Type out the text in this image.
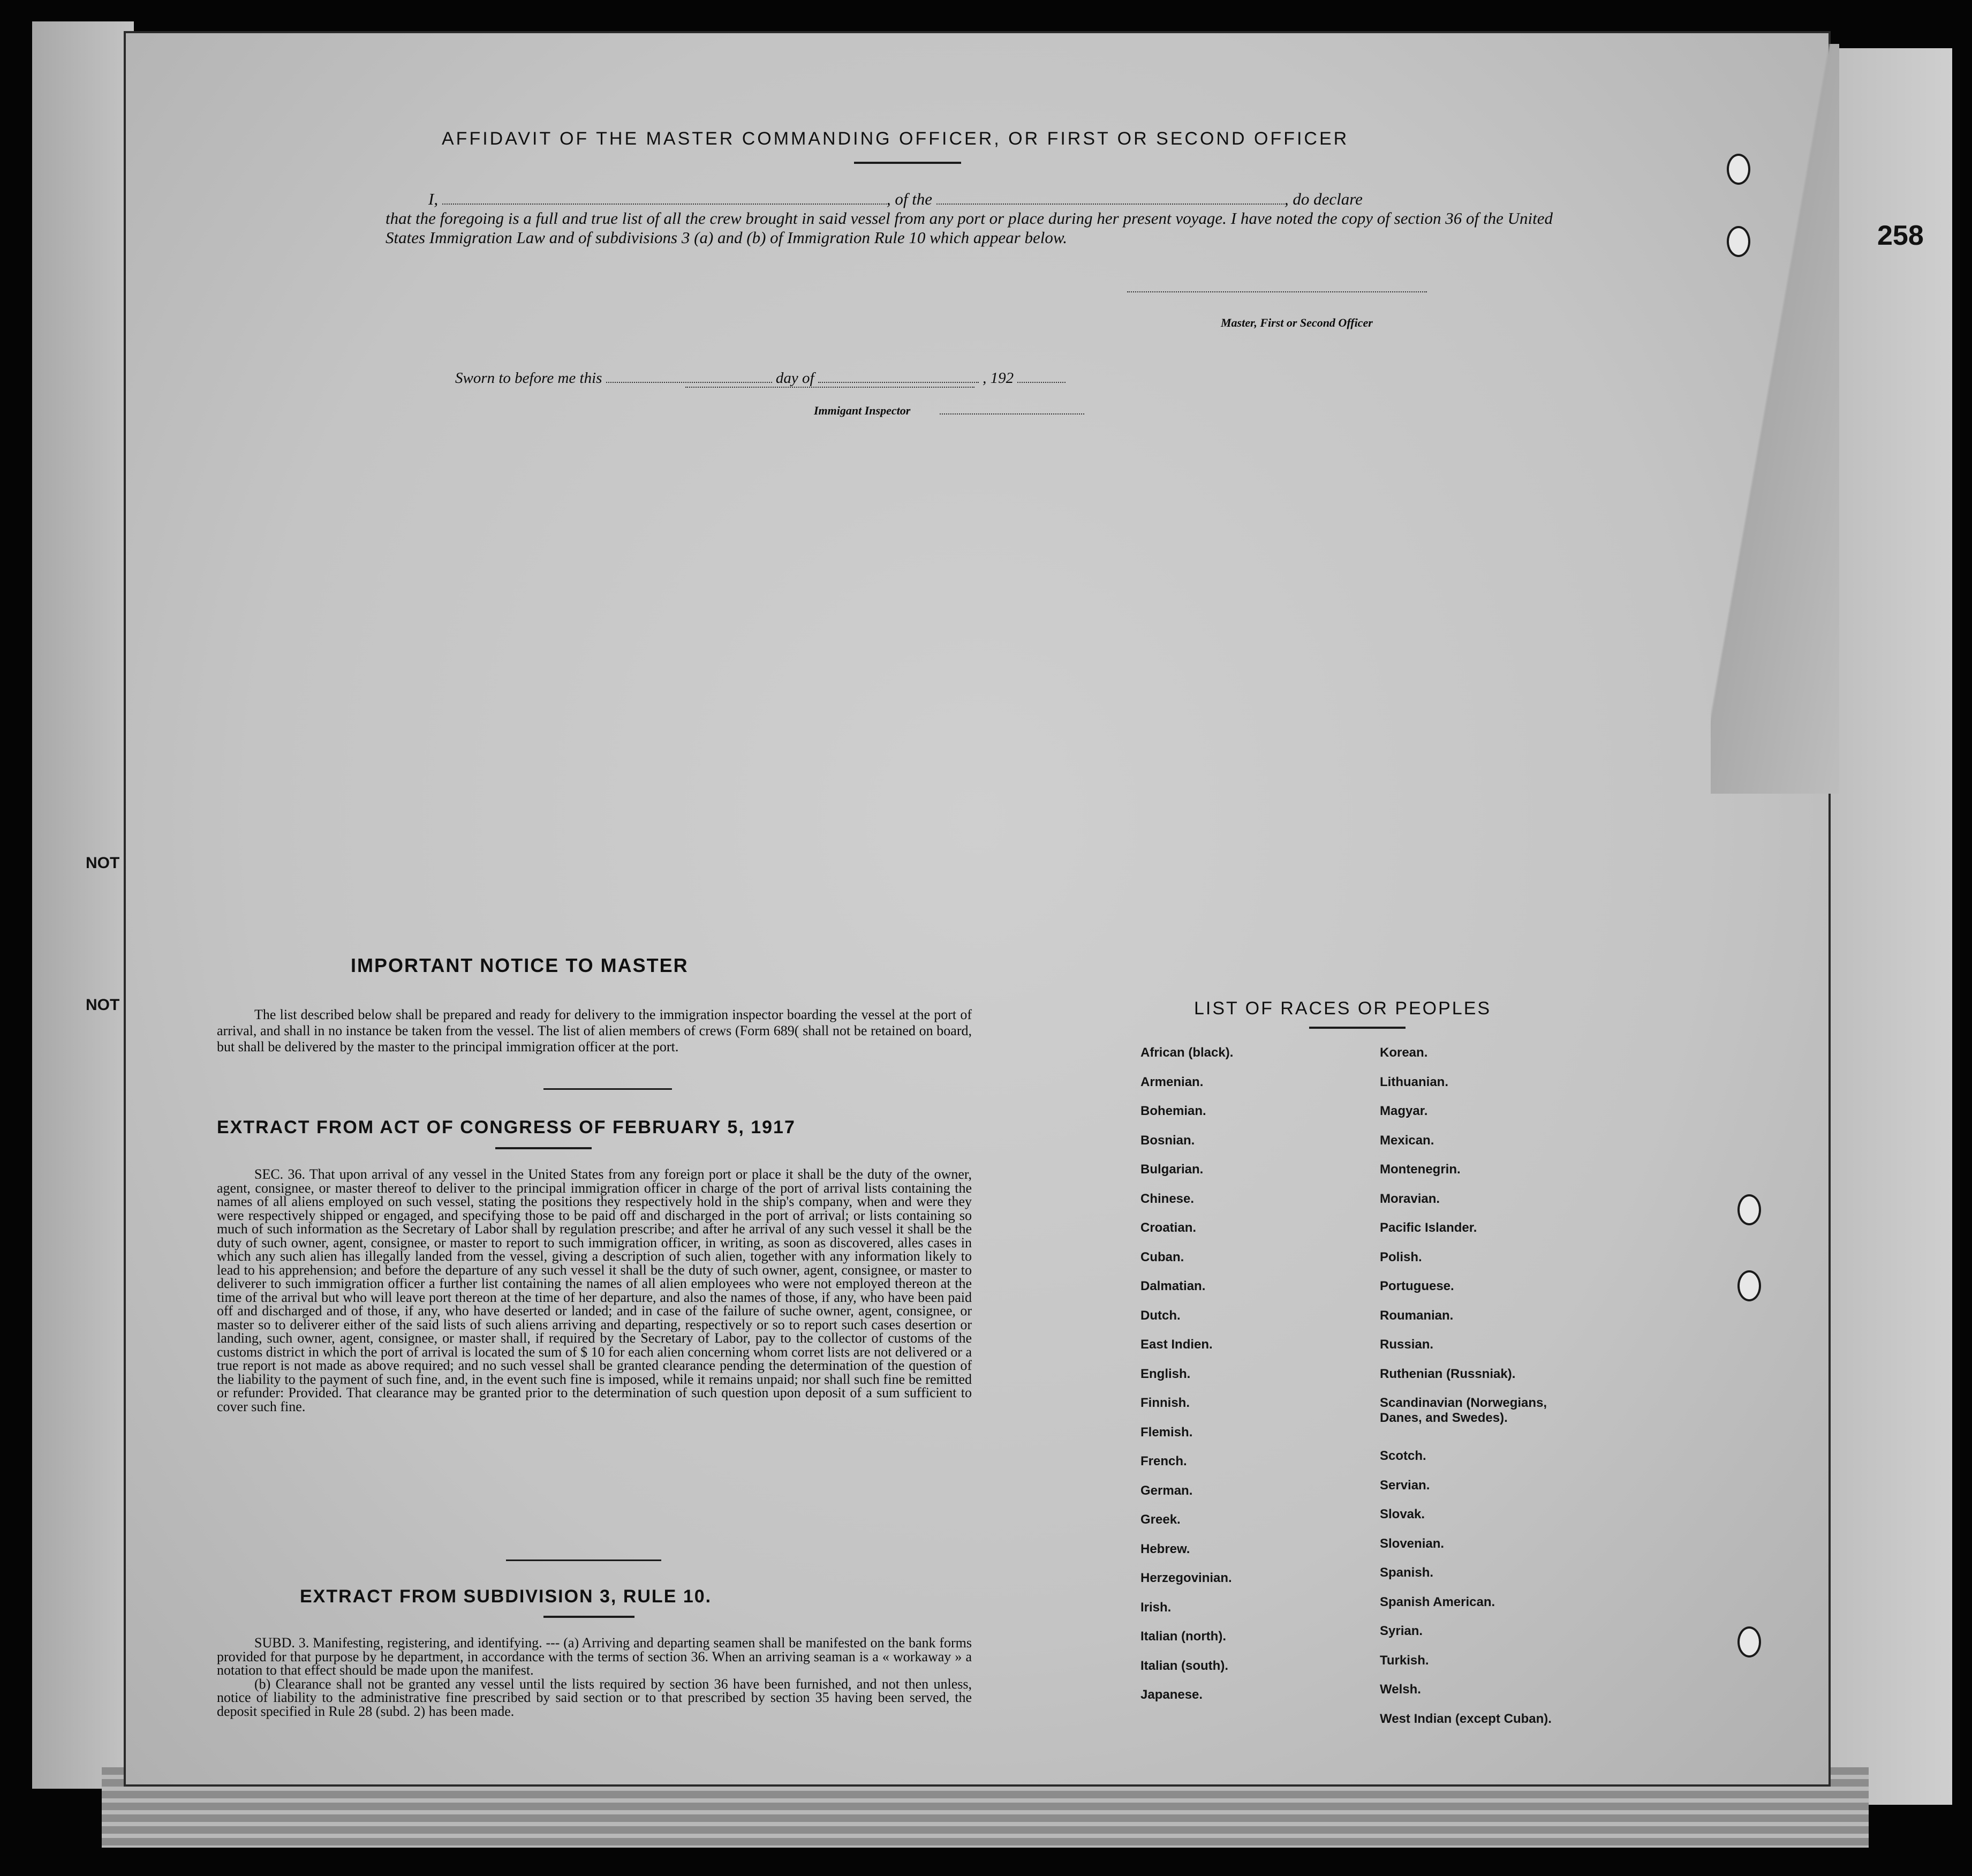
NOT
NOT
258
AFFIDAVIT OF THE MASTER COMMANDING OFFICER, OR FIRST OR SECOND OFFICER
I,	, of the	, do declare
that the foregoing is a full and true list of all the crew brought in said vessel from any port or place during her present voyage. I have noted the copy of section 36 of the United States Immigration Law and of subdivisions 3 (a) and (b) of Immigration Rule 10 which appear below.
Master, First or Second Officer
Sworn to before me this	day of	, 192
Immigant Inspector
IMPORTANT NOTICE TO MASTER
The list described below shall be prepared and ready for delivery to the immigration inspector boarding the vessel at the port of arrival, and shall in no instance be taken from the vessel. The list of alien members of crews (Form 689( shall not be retained on board, but shall be delivered by the master to the principal immigration officer at the port.
EXTRACT FROM ACT OF CONGRESS OF FEBRUARY 5, 1917
SEC. 36. That upon arrival of any vessel in the United States from any foreign port or place it shall be the duty of the owner, agent, consignee, or master thereof to deliver to the principal immigration officer in charge of the port of arrival lists containing the names of all aliens employed on such vessel, stating the positions they respectively hold in the ship's company, when and were they were respectively shipped or engaged, and specifying those to be paid off and discharged in the port of arrival; or lists containing so much of such information as the Secretary of Labor shall by regulation prescribe; and after he arrival of any such vessel it shall be the duty of such owner, agent, consignee, or master to report to such immigration officer, in writing, as soon as discovered, alles cases in which any such alien has illegally landed from the vessel, giving a description of such alien, together with any information likely to lead to his apprehension; and before the departure of any such vessel it shall be the duty of such owner, agent, consignee, or master to deliverer to such immigration officer a further list containing the names of all alien employees who were not employed thereon at the time of the arrival but who will leave port thereon at the time of her departure, and also the names of those, if any, who have been paid off and discharged and of those, if any, who have deserted or landed; and in case of the failure of suche owner, agent, consignee, or master so to deliverer either of the said lists of such aliens arriving and departing, respectively or so to report such cases desertion or landing, such owner, agent, consignee, or master shall, if required by the Secretary of Labor, pay to the collector of customs of the customs district in which the port of arrival is located the sum of $ 10 for each alien concerning whom corret lists are not delivered or a true report is not made as above required; and no such vessel shall be granted clearance pending the determination of the question of the liability to the payment of such fine, and, in the event such fine is imposed, while it remains unpaid; nor shall such fine be remitted or refunder: Provided. That clearance may be granted prior to the determination of such question upon deposit of a sum sufficient to cover such fine.
EXTRACT FROM SUBDIVISION 3, RULE 10.

SUBD. 3. Manifesting, registering, and identifying. --- (a) Arriving and departing seamen shall be manifested on the bank forms provided for that purpose by he department, in accordance with the terms of section 36. When an arriving seaman is a « workaway » a notation to that effect should be made upon the manifest.

(b) Clearance shall not be granted any vessel until the lists required by section 36 have been furnished, and not then unless, notice of liability to the administrative fine prescribed by said section or to that prescribed by section 35 having been served, the deposit specified in Rule 28 (subd. 2) has been made.

LIST OF RACES OR PEOPLES
African (black).
Armenian.
Bohemian.
Bosnian.
Bulgarian.
Chinese.
Croatian.
Cuban.
Dalmatian.
Dutch.
East Indien.
English.
Finnish.
Flemish.
French.
German.
Greek.
Hebrew.
Herzegovinian.
Irish.
Italian (north).
Italian (south).
Japanese.
Korean.
Lithuanian.
Magyar.
Mexican.
Montenegrin.
Moravian.
Pacific Islander.
Polish.
Portuguese.
Roumanian.
Russian.
Ruthenian (Russniak).
Scandinavian (Norwegians, Danes, and Swedes).
Scotch.
Servian.
Slovak.
Slovenian.
Spanish.
Spanish American.
Syrian.
Turkish.
Welsh.
West Indian (except Cuban).
